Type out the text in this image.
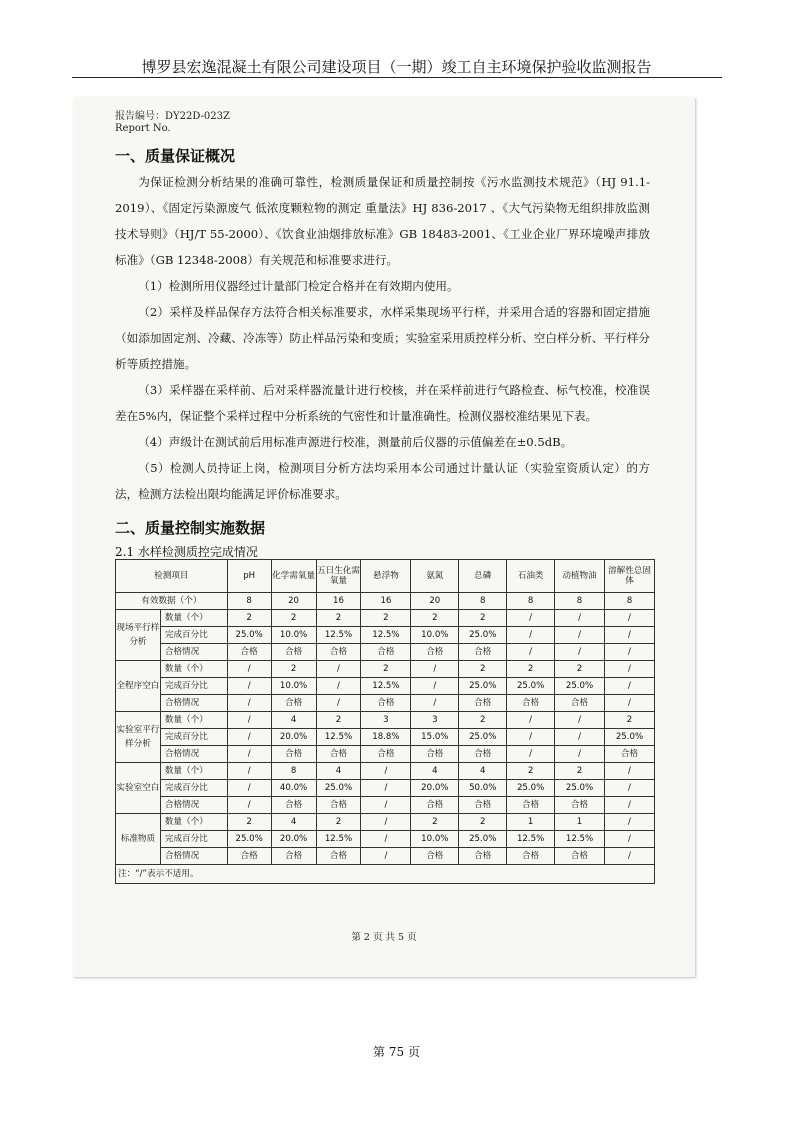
博罗县宏逸混凝土有限公司建设项目（一期）竣工自主环境保护验收监测报告
报告编号：DY22D-023Z
Report No.
一、质量保证概况

为保证检测分析结果的准确可靠性，检测质量保证和质量控制按《污水监测技术规范》（HJ 91.1-2019）、《固定污染源废气 低浓度颗粒物的测定 重量法》HJ 836-2017 、《大气污染物无组织排放监测技术导则》（HJ/T 55-2000）、《饮食业油烟排放标准》GB 18483-2001、《工业企业厂界环境噪声排放标准》（GB 12348-2008）有关规范和标准要求进行。

（1）检测所用仪器经过计量部门检定合格并在有效期内使用。

（2）采样及样品保存方法符合相关标准要求，水样采集现场平行样，并采用合适的容器和固定措施（如添加固定剂、冷藏、冷冻等）防止样品污染和变质；实验室采用质控样分析、空白样分析、平行样分析等质控措施。

（3）采样器在采样前、后对采样器流量计进行校核，并在采样前进行气路检查、标气校准，校准误差在5%内，保证整个采样过程中分析系统的气密性和计量准确性。检测仪器校准结果见下表。

（4）声级计在测试前后用标准声源进行校准，测量前后仪器的示值偏差在±0.5dB。

（5）检测人员持证上岗，检测项目分析方法均采用本公司通过计量认证（实验室资质认定）的方法，检测方法检出限均能满足评价标准要求。

二、质量控制实施数据
2.1 水样检测质控完成情况
检测项目		pH	化学需氧量	五日生化需氧量	悬浮物	氨氮	总磷	石油类	动植物油	溶解性总固体
有效数据（个）		8	20	16	16	20	8	8	8	8
现场平行样分析	数量（个）	2	2	2	2	2	2	/	/	/
	完成百分比	25.0%	10.0%	12.5%	12.5%	10.0%	25.0%	/	/	/
	合格情况	合格	合格	合格	合格	合格	合格	/	/	/
全程序空白	数量（个）	/	2	/	2	/	2	2	2	/
	完成百分比	/	10.0%	/	12.5%	/	25.0%	25.0%	25.0%	/
	合格情况	/	合格	/	合格	/	合格	合格	合格	/
实验室平行样分析	数量（个）	/	4	2	3	3	2	/	/	2
	完成百分比	/	20.0%	12.5%	18.8%	15.0%	25.0%	/	/	25.0%
	合格情况	/	合格	合格	合格	合格	合格	/	/	合格
实验室空白	数量（个）	/	8	4	/	4	4	2	2	/
	完成百分比	/	40.0%	25.0%	/	20.0%	50.0%	25.0%	25.0%	/
	合格情况	/	合格	合格	/	合格	合格	合格	合格	/
标准物质	数量（个）	2	4	2	/	2	2	1	1	/
	完成百分比	25.0%	20.0%	12.5%	/	10.0%	25.0%	12.5%	12.5%	/
	合格情况	合格	合格	合格	/	合格	合格	合格	合格	/
注：“/”表示不适用。										
第 2 页 共 5 页
第 75 页
